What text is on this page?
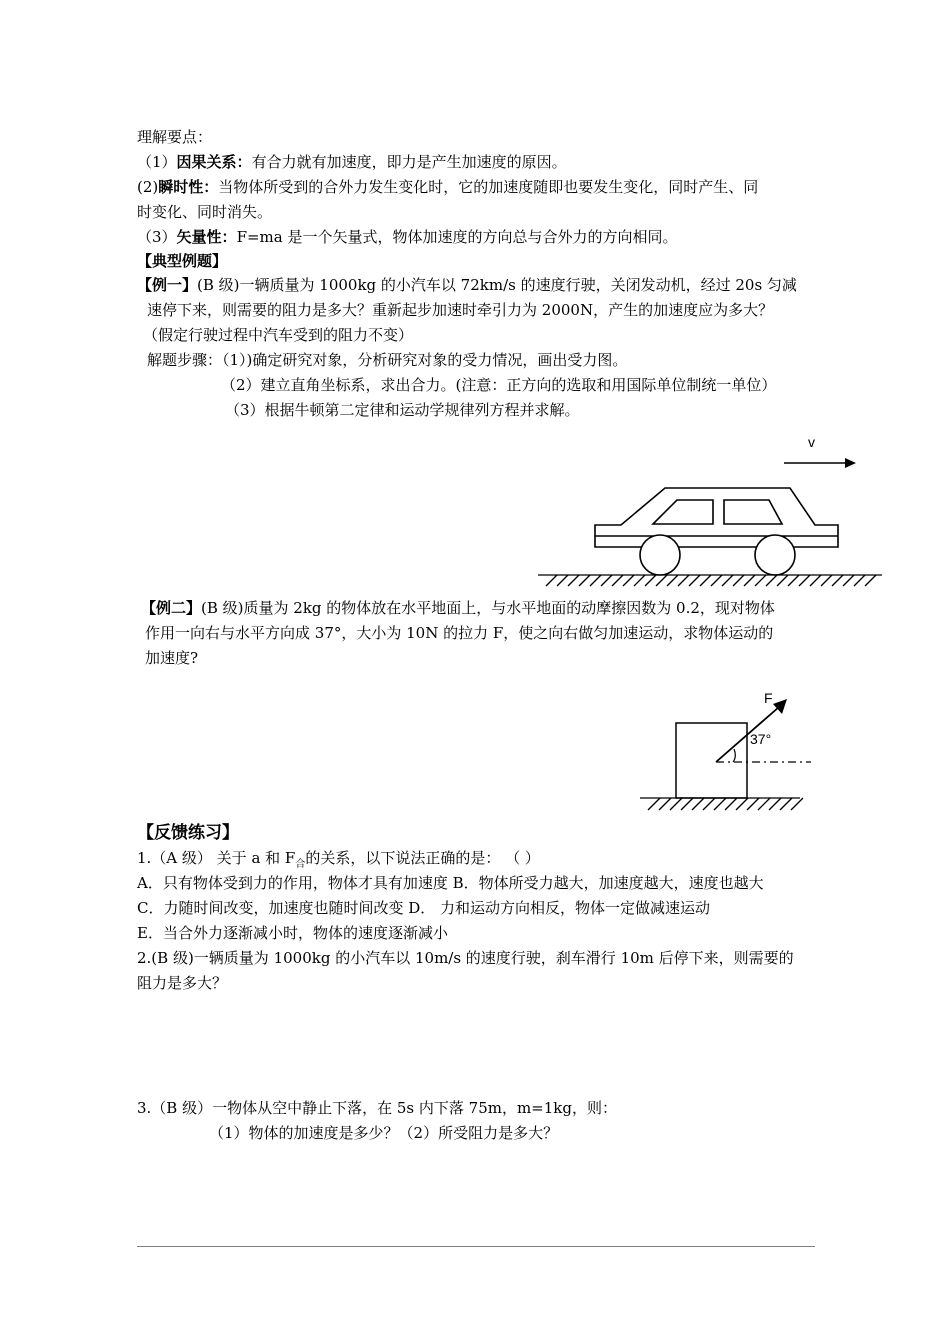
理解要点：
（1）因果关系：有合力就有加速度，即力是产生加速度的原因。
(2)瞬时性：当物体所受到的合外力发生变化时，它的加速度随即也要发生变化，同时产生、同
时变化、同时消失。
（3）矢量性：F=ma 是一个矢量式，物体加速度的方向总与合外力的方向相同。
【典型例题】
【例一】(B 级)一辆质量为 1000kg 的小汽车以 72km/s 的速度行驶，关闭发动机，经过 20s 匀减
速停下来，则需要的阻力是多大？重新起步加速时牵引力为 2000N，产生的加速度应为多大？
（假定行驶过程中汽车受到的阻力不变）
解题步骤：（1）)确定研究对象，分析研究对象的受力情况，画出受力图。
（2）建立直角坐标系，求出合力。(注意：正方向的选取和用国际单位制统一单位）
（3）根据牛顿第二定律和运动学规律列方程并求解。
v
F
37°
【例二】(B 级)质量为 2kg 的物体放在水平地面上，与水平地面的动摩擦因数为 0.2，现对物体
作用一向右与水平方向成 37°，大小为 10N 的拉力 F，使之向右做匀加速运动，求物体运动的
加速度?
【反馈练习】
1.（A 级） 关于 a 和 $F_合$的关系，以下说法正确的是： （ ）
A．只有物体受到力的作用，物体才具有加速度 B．物体所受力越大，加速度越大，速度也越大
C．力随时间改变，加速度也随时间改变 D． 力和运动方向相反，物体一定做减速运动
E．当合外力逐渐减小时，物体的速度逐渐减小
2.(B 级)一辆质量为 1000kg 的小汽车以 10m/s 的速度行驶，刹车滑行 10m 后停下来，则需要的
阻力是多大？
3.（B 级）一物体从空中静止下落，在 5s 内下落 75m，m=1kg，则：
（1）物体的加速度是多少？（2）所受阻力是多大？
